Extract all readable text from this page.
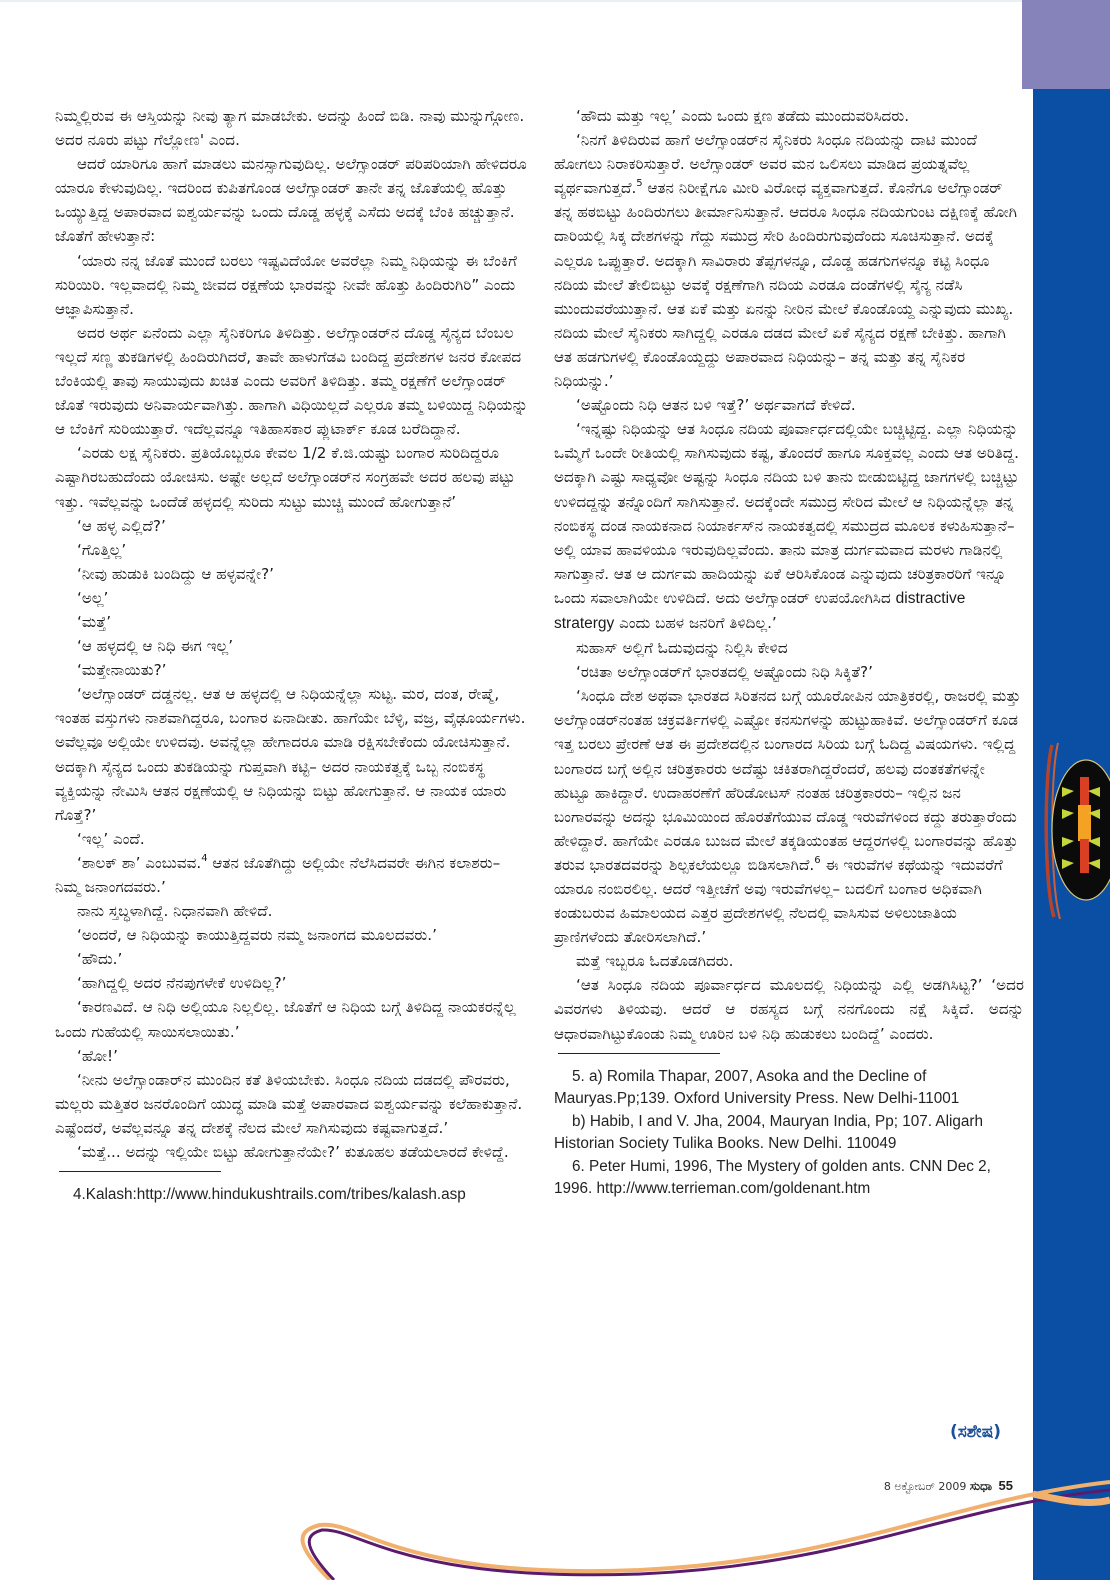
ನಿಮ್ಮಲ್ಲಿರುವ ಈ ಆಸ್ತಿಯನ್ನು ನೀವು ತ್ಯಾಗ ಮಾಡಬೇಕು. ಅದನ್ನು ಹಿಂದೆ ಬಿಡಿ. ನಾವು ಮುನ್ನುಗ್ಗೋಣ. ಅದರ ನೂರು ಪಟ್ಟು ಗೆಲ್ಲೋಣ' ಎಂದ.

ಆದರೆ ಯಾರಿಗೂ ಹಾಗೆ ಮಾಡಲು ಮನಸ್ಸಾಗುವುದಿಲ್ಲ. ಅಲೆಗ್ಸಾಂಡರ್ ಪರಿಪರಿಯಾಗಿ ಹೇಳಿದರೂ ಯಾರೂ ಕೇಳುವುದಿಲ್ಲ. ಇದರಿಂದ ಕುಪಿತಗೊಂಡ ಅಲೆಗ್ಸಾಂಡರ್ ತಾನೇ ತನ್ನ ಜೊತೆಯಲ್ಲಿ ಹೊತ್ತು ಒಯ್ಯುತ್ತಿದ್ದ ಅಪಾರವಾದ ಐಶ್ವರ್ಯವನ್ನು ಒಂದು ದೊಡ್ಡ ಹಳ್ಳಕ್ಕೆ ಎಸೆದು ಅದಕ್ಕೆ ಬೆಂಕಿ ಹಚ್ಚುತ್ತಾನೆ. ಜೊತೆಗೆ ಹೇಳುತ್ತಾನೆ:

‘ಯಾರು ನನ್ನ ಜೊತೆ ಮುಂದೆ ಬರಲು ಇಷ್ಟವಿದೆಯೋ ಅವರೆಲ್ಲಾ ನಿಮ್ಮ ನಿಧಿಯನ್ನು ಈ ಬೆಂಕಿಗೆ ಸುರಿಯಿರಿ. ಇಲ್ಲವಾದಲ್ಲಿ ನಿಮ್ಮ ಜೀವದ ರಕ್ಷಣೆಯ ಭಾರವನ್ನು ನೀವೇ ಹೊತ್ತು ಹಿಂದಿರುಗಿರಿ” ಎಂದು ಆಜ್ಞಾಪಿಸುತ್ತಾನೆ.

ಅದರ ಅರ್ಥ ಏನೆಂದು ಎಲ್ಲಾ ಸೈನಿಕರಿಗೂ ತಿಳಿದಿತ್ತು. ಅಲೆಗ್ಸಾಂಡರ್‌ನ ದೊಡ್ಡ ಸೈನ್ಯದ ಬೆಂಬಲ ಇಲ್ಲದೆ ಸಣ್ಣ ತುಕಡಿಗಳಲ್ಲಿ ಹಿಂದಿರುಗಿದರೆ, ತಾವೇ ಹಾಳುಗೆಡವಿ ಬಂದಿದ್ದ ಪ್ರದೇಶಗಳ ಜನರ ಕೋಪದ ಬೆಂಕಿಯಲ್ಲಿ ತಾವು ಸಾಯುವುದು ಖಚಿತ ಎಂದು ಅವರಿಗೆ ತಿಳಿದಿತ್ತು. ತಮ್ಮ ರಕ್ಷಣೆಗೆ ಅಲೆಗ್ಸಾಂಡರ್ ಜೊತೆ ಇರುವುದು ಅನಿವಾರ್ಯವಾಗಿತ್ತು. ಹಾಗಾಗಿ ವಿಧಿಯಿಲ್ಲದೆ ಎಲ್ಲರೂ ತಮ್ಮ ಬಳಿಯಿದ್ದ ನಿಧಿಯನ್ನು ಆ ಬೆಂಕಿಗೆ ಸುರಿಯುತ್ತಾರೆ. ಇದೆಲ್ಲವನ್ನೂ ಇತಿಹಾಸಕಾರ ಪ್ಲುಟಾರ್ಕ್ ಕೂಡ ಬರೆದಿದ್ದಾನೆ.

‘ಎರಡು ಲಕ್ಷ ಸೈನಿಕರು. ಪ್ರತಿಯೊಬ್ಬರೂ ಕೇವಲ 1/2 ಕೆ.ಜಿ.ಯಷ್ಟು ಬಂಗಾರ ಸುರಿದಿದ್ದರೂ ಎಷ್ಟಾಗಿರಬಹುದೆಂದು ಯೋಚಿಸು. ಅಷ್ಟೇ ಅಲ್ಲದೆ ಅಲೆಗ್ಸಾಂಡರ್‌ನ ಸಂಗ್ರಹವೇ ಅದರ ಹಲವು ಪಟ್ಟು ಇತ್ತು. ಇವೆಲ್ಲವನ್ನು ಒಂದೆಡೆ ಹಳ್ಳದಲ್ಲಿ ಸುರಿದು ಸುಟ್ಟು ಮುಚ್ಚಿ ಮುಂದೆ ಹೋಗುತ್ತಾನೆ’

‘ಆ ಹಳ್ಳ ಎಲ್ಲಿದೆ?’

‘ಗೊತ್ತಿಲ್ಲ’

‘ನೀವು ಹುಡುಕಿ ಬಂದಿದ್ದು ಆ ಹಳ್ಳವನ್ನೇ?’

‘ಅಲ್ಲ’

‘ಮತ್ತೆ’

‘ಆ ಹಳ್ಳದಲ್ಲಿ ಆ ನಿಧಿ ಈಗ ಇಲ್ಲ’

‘ಮತ್ತೇನಾಯಿತು?’

‘ಅಲೆಗ್ಸಾಂಡರ್ ದಡ್ಡನಲ್ಲ. ಆತ ಆ ಹಳ್ಳದಲ್ಲಿ ಆ ನಿಧಿಯನ್ನೆಲ್ಲಾ ಸುಟ್ಟ. ಮರ, ದಂತ, ರೇಷ್ಮೆ, ಇಂತಹ ವಸ್ತುಗಳು ನಾಶವಾಗಿದ್ದರೂ, ಬಂಗಾರ ಏನಾದೀತು. ಹಾಗೆಯೇ ಬೆಳ್ಳಿ, ವಜ್ರ, ವೈಢೂರ್ಯಗಳು. ಅವೆಲ್ಲವೂ ಅಲ್ಲಿಯೇ ಉಳಿದವು. ಅವನ್ನೆಲ್ಲಾ ಹೇಗಾದರೂ ಮಾಡಿ ರಕ್ಷಿಸಬೇಕೆಂದು ಯೋಚಿಸುತ್ತಾನೆ. ಅದಕ್ಕಾಗಿ ಸೈನ್ಯದ ಒಂದು ತುಕಡಿಯನ್ನು ಗುಪ್ತವಾಗಿ ಕಟ್ಟಿ– ಅದರ ನಾಯಕತ್ವಕ್ಕೆ ಒಬ್ಬ ನಂಬಿಕಸ್ಥ ವ್ಯಕ್ತಿಯನ್ನು ನೇಮಿಸಿ ಆತನ ರಕ್ಷಣೆಯಲ್ಲಿ ಆ ನಿಧಿಯನ್ನು ಬಿಟ್ಟು ಹೋಗುತ್ತಾನೆ. ಆ ನಾಯಕ ಯಾರು ಗೊತ್ತೆ?’

‘ಇಲ್ಲ’ ಎಂದೆ.

‘ಶಾಲಕ್ ಶಾ’ ಎಂಬುವವ.$^4$ ಆತನ ಜೊತೆಗಿದ್ದು ಅಲ್ಲಿಯೇ ನೆಲೆಸಿದವರೇ ಈಗಿನ ಕಲಾಶರು– ನಿಮ್ಮ ಜನಾಂಗದವರು.’

ನಾನು ಸ್ತಬ್ಧಳಾಗಿದ್ದೆ. ನಿಧಾನವಾಗಿ ಹೇಳಿದೆ.

‘ಅಂದರೆ, ಆ ನಿಧಿಯನ್ನು ಕಾಯುತ್ತಿದ್ದವರು ನಮ್ಮ ಜನಾಂಗದ ಮೂಲದವರು.’

‘ಹೌದು.’

‘ಹಾಗಿದ್ದಲ್ಲಿ ಅದರ ನೆನಪುಗಳೇಕೆ ಉಳಿದಿಲ್ಲ?’

‘ಕಾರಣವಿದೆ. ಆ ನಿಧಿ ಅಲ್ಲಿಯೂ ನಿಲ್ಲಲಿಲ್ಲ. ಜೊತೆಗೆ ಆ ನಿಧಿಯ ಬಗ್ಗೆ ತಿಳಿದಿದ್ದ ನಾಯಕರನ್ನೆಲ್ಲ ಒಂದು ಗುಹೆಯಲ್ಲಿ ಸಾಯಿಸಲಾಯಿತು.’

‘ಹೋ!’

‘ನೀನು ಅಲೆಗ್ಸಾಂಡಾರ್‌ನ ಮುಂದಿನ ಕತೆ ತಿಳಿಯಬೇಕು. ಸಿಂಧೂ ನದಿಯ ದಡದಲ್ಲಿ ಪೌರವರು, ಮಲ್ಲರು ಮತ್ತಿತರ ಜನರೊಂದಿಗೆ ಯುದ್ಧ ಮಾಡಿ ಮತ್ತೆ ಅಪಾರವಾದ ಐಶ್ವರ್ಯವನ್ನು ಕಲೆಹಾಕುತ್ತಾನೆ. ಎಷ್ಟೆಂದರೆ, ಅವೆಲ್ಲವನ್ನೂ ತನ್ನ ದೇಶಕ್ಕೆ ನೆಲದ ಮೇಲೆ ಸಾಗಿಸುವುದು ಕಷ್ಟವಾಗುತ್ತದೆ.’

‘ಮತ್ತೆ... ಅದನ್ನು ಇಲ್ಲಿಯೇ ಬಿಟ್ಟು ಹೋಗುತ್ತಾನೆಯೇ?’ ಕುತೂಹಲ ತಡೆಯಲಾರದೆ ಕೇಳಿದ್ದೆ.

4.Kalash:http://www.hindukushtrails.com/tribes/kalash.asp

‘ಹೌದು ಮತ್ತು ಇಲ್ಲ’ ಎಂದು ಒಂದು ಕ್ಷಣ ತಡೆದು ಮುಂದುವರಿಸಿದರು.

‘ನಿನಗೆ ತಿಳಿದಿರುವ ಹಾಗೆ ಅಲೆಗ್ಸಾಂಡರ್‌ನ ಸೈನಿಕರು ಸಿಂಧೂ ನದಿಯನ್ನು ದಾಟಿ ಮುಂದೆ ಹೋಗಲು ನಿರಾಕರಿಸುತ್ತಾರೆ. ಅಲೆಗ್ಸಾಂಡರ್ ಅವರ ಮನ ಒಲಿಸಲು ಮಾಡಿದ ಪ್ರಯತ್ನವೆಲ್ಲ ವ್ಯರ್ಥವಾಗುತ್ತದೆ.$^5$ ಆತನ ನಿರೀಕ್ಷೆಗೂ ಮೀರಿ ವಿರೋಧ ವ್ಯಕ್ತವಾಗುತ್ತದೆ. ಕೊನೆಗೂ ಅಲೆಗ್ಸಾಂಡರ್ ತನ್ನ ಹಠಬಿಟ್ಟು ಹಿಂದಿರುಗಲು ತೀರ್ಮಾನಿಸುತ್ತಾನೆ. ಆದರೂ ಸಿಂಧೂ ನದಿಯಗುಂಟ ದಕ್ಷಿಣಕ್ಕೆ ಹೋಗಿ ದಾರಿಯಲ್ಲಿ ಸಿಕ್ಕ ದೇಶಗಳನ್ನು ಗೆದ್ದು ಸಮುದ್ರ ಸೇರಿ ಹಿಂದಿರುಗುವುದೆಂದು ಸೂಚಿಸುತ್ತಾನೆ. ಅದಕ್ಕೆ ಎಲ್ಲರೂ ಒಪ್ಪುತ್ತಾರೆ. ಅದಕ್ಕಾಗಿ ಸಾವಿರಾರು ತೆಪ್ಪಗಳನ್ನೂ, ದೊಡ್ಡ ಹಡಗುಗಳನ್ನೂ ಕಟ್ಟಿ ಸಿಂಧೂ ನದಿಯ ಮೇಲೆ ತೇಲಿಬಿಟ್ಟು ಅವಕ್ಕೆ ರಕ್ಷಣೆಗಾಗಿ ನದಿಯ ಎರಡೂ ದಂಡೆಗಳಲ್ಲಿ ಸೈನ್ಯ ನಡೆಸಿ ಮುಂದುವರೆಯುತ್ತಾನೆ. ಆತ ಏಕೆ ಮತ್ತು ಏನನ್ನು ನೀರಿನ ಮೇಲೆ ಕೊಂಡೊಯ್ದ ಎನ್ನುವುದು ಮುಖ್ಯ. ನದಿಯ ಮೇಲೆ ಸೈನಿಕರು ಸಾಗಿದ್ದಲ್ಲಿ ಎರಡೂ ದಡದ ಮೇಲೆ ಏಕೆ ಸೈನ್ಯದ ರಕ್ಷಣೆ ಬೇಕಿತ್ತು. ಹಾಗಾಗಿ ಆತ ಹಡಗುಗಳಲ್ಲಿ ಕೊಂಡೊಯ್ದದ್ದು ಅಪಾರವಾದ ನಿಧಿಯನ್ನು– ತನ್ನ ಮತ್ತು ತನ್ನ ಸೈನಿಕರ ನಿಧಿಯನ್ನು.’

‘ಅಷ್ಟೊಂದು ನಿಧಿ ಆತನ ಬಳಿ ಇತ್ತೆ?’ ಅರ್ಥವಾಗದೆ ಕೇಳಿದೆ.

‘ಇನ್ನಷ್ಟು ನಿಧಿಯನ್ನು ಆತ ಸಿಂಧೂ ನದಿಯ ಪೂರ್ವಾರ್ಧದಲ್ಲಿಯೇ ಬಚ್ಚಿಟ್ಟಿದ್ದ. ಎಲ್ಲಾ ನಿಧಿಯನ್ನು ಒಮ್ಮೆಗೆ ಒಂದೇ ರೀತಿಯಲ್ಲಿ ಸಾಗಿಸುವುದು ಕಷ್ಟ, ತೊಂದರೆ ಹಾಗೂ ಸೂಕ್ತವಲ್ಲ ಎಂದು ಆತ ಅರಿತಿದ್ದ. ಅದಕ್ಕಾಗಿ ಎಷ್ಟು ಸಾಧ್ಯವೋ ಅಷ್ಟನ್ನು ಸಿಂಧೂ ನದಿಯ ಬಳಿ ತಾನು ಬೀಡುಬಿಟ್ಟಿದ್ದ ಜಾಗಗಳಲ್ಲಿ ಬಚ್ಚಿಟ್ಟು ಉಳಿದದ್ದನ್ನು ತನ್ನೊಂದಿಗೆ ಸಾಗಿಸುತ್ತಾನೆ. ಅದಕ್ಕೆಂದೇ ಸಮುದ್ರ ಸೇರಿದ ಮೇಲೆ ಆ ನಿಧಿಯನ್ನೆಲ್ಲಾ ತನ್ನ ನಂಬಿಕಸ್ಥ ದಂಡ ನಾಯಕನಾದ ನಿಯಾರ್ಕಸ್‌ನ ನಾಯಕತ್ವದಲ್ಲಿ ಸಮುದ್ರದ ಮೂಲಕ ಕಳುಹಿಸುತ್ತಾನೆ– ಅಲ್ಲಿ ಯಾವ ಹಾವಳಿಯೂ ಇರುವುದಿಲ್ಲವೆಂದು. ತಾನು ಮಾತ್ರ ದುರ್ಗಮವಾದ ಮರಳು ಗಾಡಿನಲ್ಲಿ ಸಾಗುತ್ತಾನೆ. ಆತ ಆ ದುರ್ಗಮ ಹಾದಿಯನ್ನು ಏಕೆ ಆರಿಸಿಕೊಂಡ ಎನ್ನುವುದು ಚರಿತ್ರಕಾರರಿಗೆ ಇನ್ನೂ ಒಂದು ಸವಾಲಾಗಿಯೇ ಉಳಿದಿದೆ. ಅದು ಅಲೆಗ್ಸಾಂಡರ್ ಉಪಯೋಗಿಸಿದ distractive stratergy ಎಂದು ಬಹಳ ಜನರಿಗೆ ತಿಳಿದಿಲ್ಲ.’

ಸುಹಾಸ್ ಅಲ್ಲಿಗೆ ಓದುವುದನ್ನು ನಿಲ್ಲಿಸಿ ಕೇಳಿದ

‘ರಚಿತಾ ಅಲೆಗ್ಸಾಂಡರ್‌ಗೆ ಭಾರತದಲ್ಲಿ ಅಷ್ಟೊಂದು ನಿಧಿ ಸಿಕ್ಕಿತೆ?’

‘ಸಿಂಧೂ ದೇಶ ಅಥವಾ ಭಾರತದ ಸಿರಿತನದ ಬಗ್ಗೆ ಯೂರೋಪಿನ ಯಾತ್ರಿಕರಲ್ಲಿ, ರಾಜರಲ್ಲಿ ಮತ್ತು ಅಲೆಗ್ಸಾಂಡರ್‌ನಂತಹ ಚಕ್ರವರ್ತಿಗಳಲ್ಲಿ ಎಷ್ಟೋ ಕನಸುಗಳನ್ನು ಹುಟ್ಟುಹಾಕಿವೆ. ಅಲೆಗ್ಸಾಂಡರ್‌ಗೆ ಕೂಡ ಇತ್ತ ಬರಲು ಪ್ರೇರಣೆ ಆತ ಈ ಪ್ರದೇಶದಲ್ಲಿನ ಬಂಗಾರದ ಸಿರಿಯ ಬಗ್ಗೆ ಓದಿದ್ದ ವಿಷಯಗಳು. ಇಲ್ಲಿದ್ದ ಬಂಗಾರದ ಬಗ್ಗೆ ಅಲ್ಲಿನ ಚರಿತ್ರಕಾರರು ಅದೆಷ್ಟು ಚಕಿತರಾಗಿದ್ದರೆಂದರೆ, ಹಲವು ದಂತಕತೆಗಳನ್ನೇ ಹುಟ್ಟೂ ಹಾಕಿದ್ದಾರೆ. ಉದಾಹರಣೆಗೆ ಹೆರಿಡೋಟಸ್ ನಂತಹ ಚರಿತ್ರಕಾರರು– ಇಲ್ಲಿನ ಜನ ಬಂಗಾರವನ್ನು ಅದನ್ನು ಭೂಮಿಯಿಂದ ಹೊರತೆಗೆಯುವ ದೊಡ್ಡ ಇರುವೆಗಳಿಂದ ಕದ್ದು ತರುತ್ತಾರೆಂದು ಹೇಳಿದ್ದಾರೆ. ಹಾಗೆಯೇ ಎರಡೂ ಬುಜದ ಮೇಲೆ ತಕ್ಕಡಿಯಂತಹ ಆದ್ದರಗಳಲ್ಲಿ ಬಂಗಾರವನ್ನು ಹೊತ್ತು ತರುವ ಭಾರತದವರನ್ನು ಶಿಲ್ಪಕಲೆಯಲ್ಲೂ ಬಿಡಿಸಲಾಗಿದೆ.$^6$ ಈ ಇರುವೆಗಳ ಕಥೆಯನ್ನು ಇದುವರೆಗೆ ಯಾರೂ ನಂಬಿರಲಿಲ್ಲ. ಆದರೆ ಇತ್ತೀಚೆಗೆ ಅವು ಇರುವೆಗಳಲ್ಲ– ಬದಲಿಗೆ ಬಂಗಾರ ಅಧಿಕವಾಗಿ ಕಂಡುಬರುವ ಹಿಮಾಲಯದ ಎತ್ತರ ಪ್ರದೇಶಗಳಲ್ಲಿ ನೆಲದಲ್ಲಿ ವಾಸಿಸುವ ಅಳಿಲುಜಾತಿಯ ಪ್ರಾಣಿಗಳೆಂದು ತೋರಿಸಲಾಗಿದೆ.’

ಮತ್ತೆ ಇಬ್ಬರೂ ಓದತೊಡಗಿದರು.

‘ಆತ ಸಿಂಧೂ ನದಿಯ ಪೂರ್ವಾರ್ಧದ ಮೂಲದಲ್ಲಿ ನಿಧಿಯನ್ನು ಎಲ್ಲಿ ಅಡಗಿಸಿಟ್ಟ?’ ‘ಅದರ ವಿವರಗಳು ತಿಳಿಯವು. ಆದರೆ ಆ ರಹಸ್ಯದ ಬಗ್ಗೆ ನನಗೊಂದು ನಕ್ಷೆ ಸಿಕ್ಕಿದೆ. ಅದನ್ನು ಆಧಾರವಾಗಿಟ್ಟುಕೊಂಡು ನಿಮ್ಮ ಊರಿನ ಬಳಿ ನಿಧಿ ಹುಡುಕಲು ಬಂದಿದ್ದೆ’ ಎಂದರು.

5. a) Romila Thapar, 2007, Asoka and the Decline of Mauryas.Pp;139. Oxford University Press. New Delhi-11001

b) Habib, I and V. Jha, 2004, Mauryan India, Pp; 107. Aligarh Historian Society Tulika Books. New Delhi. 110049

6. Peter Humi, 1996, The Mystery of golden ants. CNN Dec 2, 1996. http://www.terrieman.com/goldenant.htm

(ಸಶೇಷ)
8 ಅಕ್ಟೋಬರ್ 2009 ಸುಧಾ 55
